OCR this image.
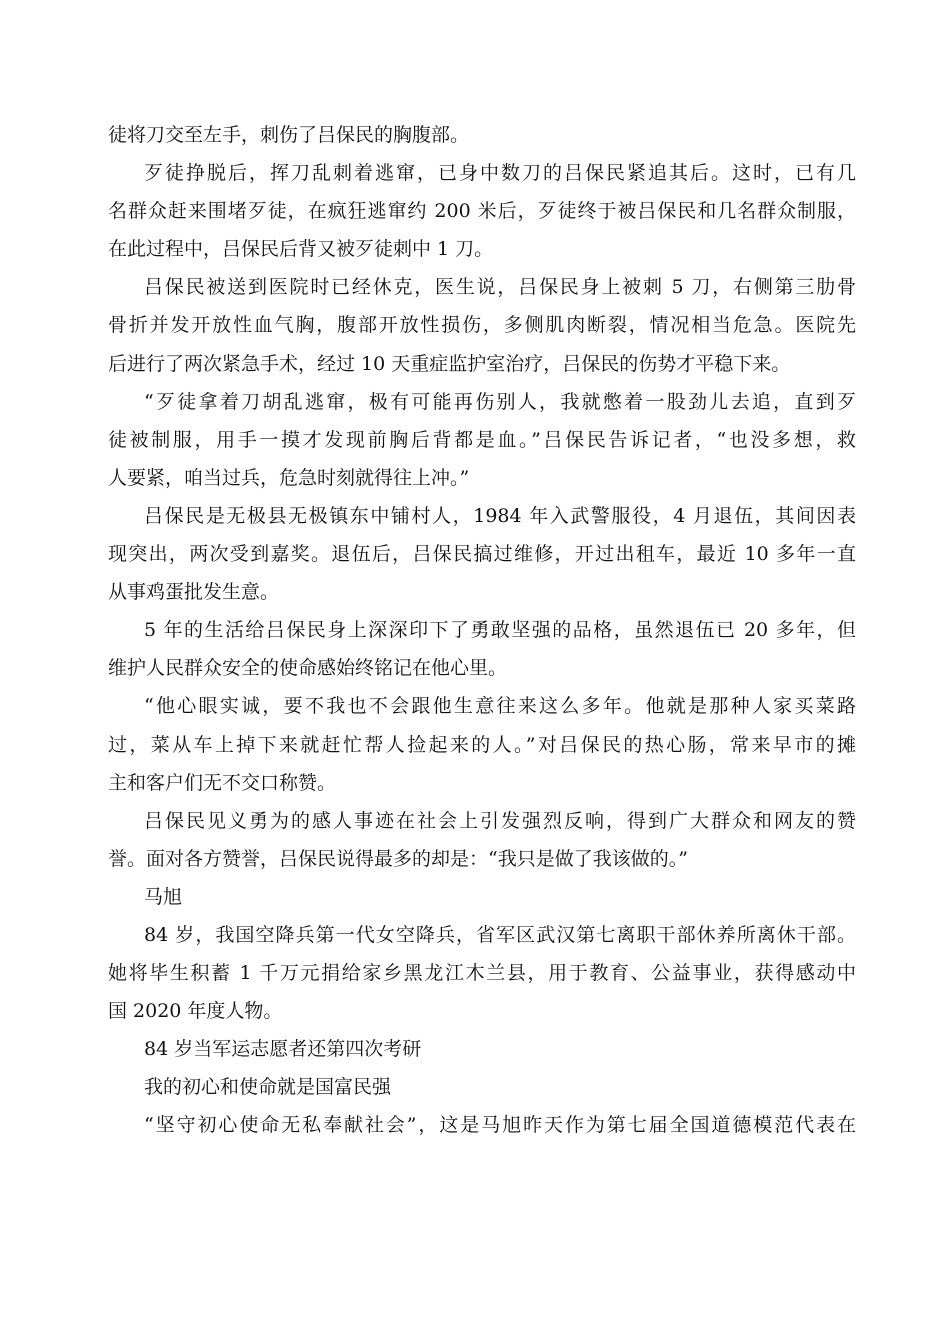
徒将刀交至左手，刺伤了吕保民的胸腹部。
歹徒挣脱后，挥刀乱刺着逃窜，已身中数刀的吕保民紧追其后。这时，已有几
名群众赶来围堵歹徒，在疯狂逃窜约 200 米后，歹徒终于被吕保民和几名群众制服，
在此过程中，吕保民后背又被歹徒刺中 1 刀。
吕保民被送到医院时已经休克，医生说，吕保民身上被刺 5 刀，右侧第三肋骨
骨折并发开放性血气胸，腹部开放性损伤，多侧肌肉断裂，情况相当危急。医院先
后进行了两次紧急手术，经过 10 天重症监护室治疗，吕保民的伤势才平稳下来。
“歹徒拿着刀胡乱逃窜，极有可能再伤别人，我就憋着一股劲儿去追，直到歹
徒被制服，用手一摸才发现前胸后背都是血。”吕保民告诉记者，“也没多想，救
人要紧，咱当过兵，危急时刻就得往上冲。”
吕保民是无极县无极镇东中铺村人，1984 年入武警服役，4 月退伍，其间因表
现突出，两次受到嘉奖。退伍后，吕保民搞过维修，开过出租车，最近 10 多年一直
从事鸡蛋批发生意。
5 年的生活给吕保民身上深深印下了勇敢坚强的品格，虽然退伍已 20 多年，但
维护人民群众安全的使命感始终铭记在他心里。
“他心眼实诚，要不我也不会跟他生意往来这么多年。他就是那种人家买菜路
过，菜从车上掉下来就赶忙帮人捡起来的人。”对吕保民的热心肠，常来早市的摊
主和客户们无不交口称赞。
吕保民见义勇为的感人事迹在社会上引发强烈反响，得到广大群众和网友的赞
誉。面对各方赞誉，吕保民说得最多的却是：“我只是做了我该做的。”
马旭
84 岁，我国空降兵第一代女空降兵，省军区武汉第七离职干部休养所离休干部。
她将毕生积蓄 1 千万元捐给家乡黑龙江木兰县，用于教育、公益事业，获得感动中
国 2020 年度人物。
84 岁当军运志愿者还第四次考研
我的初心和使命就是国富民强
“坚守初心使命无私奉献社会”，这是马旭昨天作为第七届全国道德模范代表在
